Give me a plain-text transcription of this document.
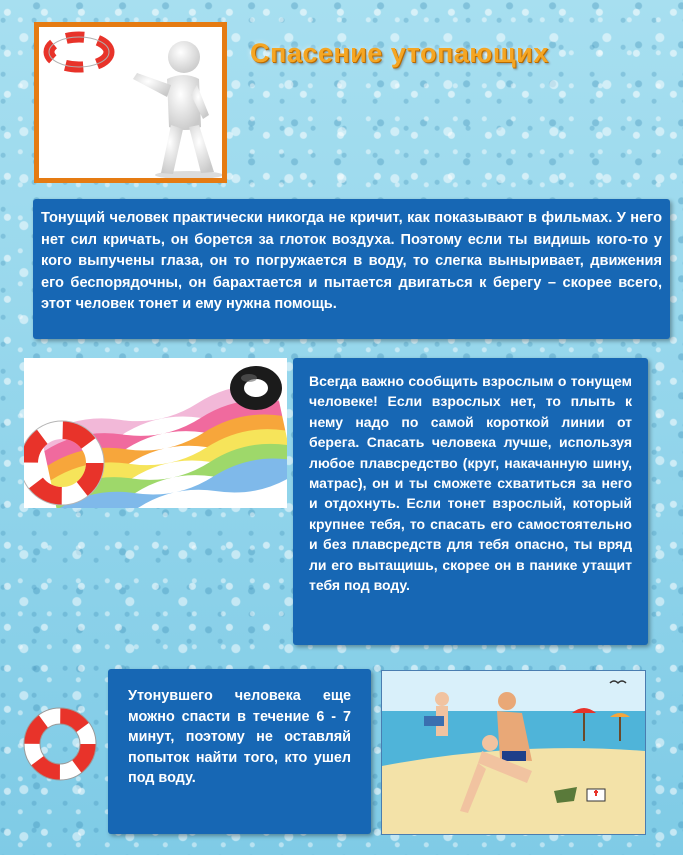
Спасение утопающих
Тонущий человек практически никогда не кричит, как показывают в фильмах. У него нет сил кричать, он борется за глоток воздуха. Поэтому если ты видишь кого-то у кого выпучены глаза, он то погружается в воду, то слегка выныривает, движения его беспорядочны, он барахтается и пытается двигаться к берегу – скорее всего, этот человек тонет и ему нужна помощь.
Всегда важно сообщить взрослым о тонущем человеке! Если взрослых нет, то плыть к нему надо по самой короткой линии от берега. Спасать человека лучше, используя любое плавсредство (круг, накачанную шину, матрас), он и ты сможете схватиться за него и отдохнуть. Если тонет взрослый, который крупнее тебя, то спасать его самостоятельно и без плавсредств для тебя опасно, ты вряд ли его вытащишь, скорее он в панике утащит тебя под воду.
Утонувшего человека еще можно спасти в течение 6 - 7 минут, поэтому не оставляй попыток найти того, кто ушел под воду.
